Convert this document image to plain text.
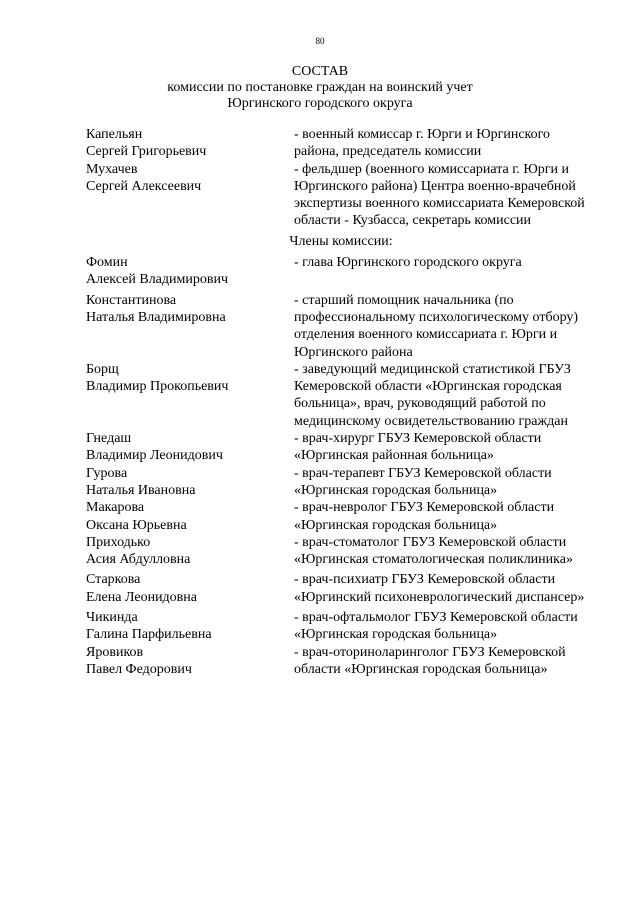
80
СОСТАВ
комиссии по постановке граждан на воинский учет
Юргинского городского округа
Капельян
Сергей Григорьевич
- военный комиссар г. Юрги и Юргинского района, председатель комиссии
Мухачев
Сергей Алексеевич
- фельдшер (военного комиссариата г. Юрги и Юргинского района) Центра военно-врачебной экспертизы военного комиссариата Кемеровской области - Кузбасса, секретарь комиссии
Члены комиссии:
Фомин
Алексей Владимирович
- глава Юргинского городского округа
Константинова
Наталья Владимировна
- старший помощник начальника (по профессиональному психологическому отбору) отделения военного комиссариата г. Юрги и Юргинского района
Борщ
Владимир Прокопьевич
- заведующий медицинской статистикой ГБУЗ Кемеровской области «Юргинская городская больница», врач, руководящий работой по медицинскому освидетельствованию граждан
Гнедаш
Владимир Леонидович
- врач-хирург ГБУЗ Кемеровской области «Юргинская районная больница»
Гурова
Наталья Ивановна
- врач-терапевт ГБУЗ Кемеровской области «Юргинская городская больница»
Макарова
Оксана Юрьевна
- врач-невролог ГБУЗ Кемеровской области «Юргинская городская больница»
Приходько
Асия Абдулловна
- врач-стоматолог ГБУЗ Кемеровской области «Юргинская стоматологическая поликлиника»
Старкова
Елена Леонидовна
- врач-психиатр ГБУЗ Кемеровской области «Юргинский психоневрологический диспансер»
Чикинда
Галина Парфильевна
- врач-офтальмолог ГБУЗ Кемеровской области «Юргинская городская больница»
Яровиков
Павел Федорович
- врач-оториноларинголог ГБУЗ Кемеровской области «Юргинская городская больница»
